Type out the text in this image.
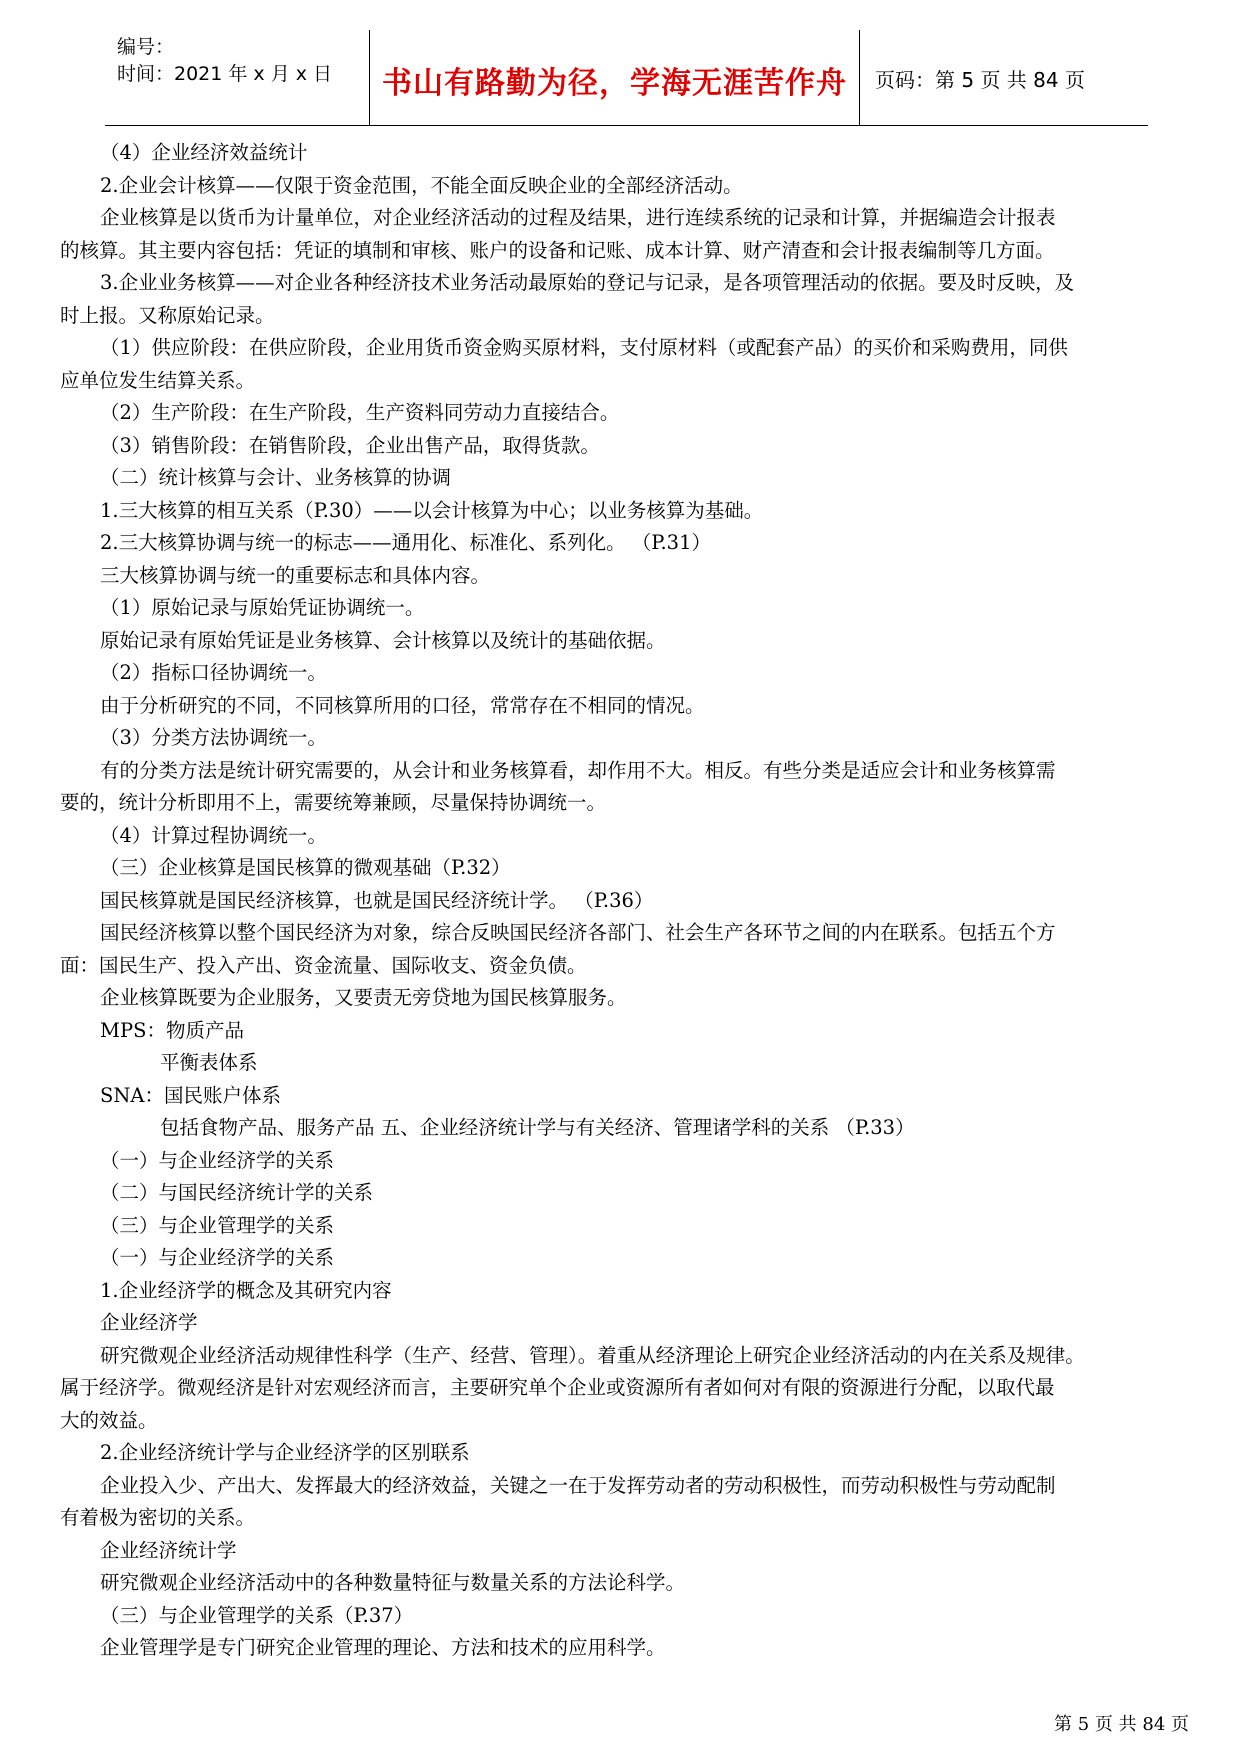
编号：
时间：2021 年 x 月 x 日	书山有路勤为径，学海无涯苦作舟	页码：第 5 页 共 84 页
（4）企业经济效益统计
2.企业会计核算——仅限于资金范围，不能全面反映企业的全部经济活动。
企业核算是以货币为计量单位，对企业经济活动的过程及结果，进行连续系统的记录和计算，并据编造会计报表
的核算。其主要内容包括：凭证的填制和审核、账户的设备和记账、成本计算、财产清查和会计报表编制等几方面。
3.企业业务核算——对企业各种经济技术业务活动最原始的登记与记录，是各项管理活动的依据。要及时反映，及
时上报。又称原始记录。
（1）供应阶段：在供应阶段，企业用货币资金购买原材料，支付原材料（或配套产品）的买价和采购费用，同供
应单位发生结算关系。
（2）生产阶段：在生产阶段，生产资料同劳动力直接结合。
（3）销售阶段：在销售阶段，企业出售产品，取得货款。
（二）统计核算与会计、业务核算的协调
1.三大核算的相互关系（P.30）——以会计核算为中心；以业务核算为基础。
2.三大核算协调与统一的标志——通用化、标准化、系列化。 （P.31）
三大核算协调与统一的重要标志和具体内容。
（1）原始记录与原始凭证协调统一。
原始记录有原始凭证是业务核算、会计核算以及统计的基础依据。
（2）指标口径协调统一。
由于分析研究的不同，不同核算所用的口径，常常存在不相同的情况。
（3）分类方法协调统一。
有的分类方法是统计研究需要的，从会计和业务核算看，却作用不大。相反。有些分类是适应会计和业务核算需
要的，统计分析即用不上，需要统筹兼顾，尽量保持协调统一。
（4）计算过程协调统一。
（三）企业核算是国民核算的微观基础（P.32）
国民核算就是国民经济核算，也就是国民经济统计学。 （P.36）
国民经济核算以整个国民经济为对象，综合反映国民经济各部门、社会生产各环节之间的内在联系。包括五个方
面：国民生产、投入产出、资金流量、国际收支、资金负债。
企业核算既要为企业服务，又要责无旁贷地为国民核算服务。
MPS：物质产品
平衡表体系
SNA：国民账户体系
包括食物产品、服务产品 五、企业经济统计学与有关经济、管理诸学科的关系 （P.33）
（一）与企业经济学的关系
（二）与国民经济统计学的关系
（三）与企业管理学的关系
（一）与企业经济学的关系
1.企业经济学的概念及其研究内容
企业经济学
研究微观企业经济活动规律性科学（生产、经营、管理）。着重从经济理论上研究企业经济活动的内在关系及规律。
属于经济学。微观经济是针对宏观经济而言，主要研究单个企业或资源所有者如何对有限的资源进行分配，以取代最
大的效益。
2.企业经济统计学与企业经济学的区别联系
企业投入少、产出大、发挥最大的经济效益，关键之一在于发挥劳动者的劳动积极性，而劳动积极性与劳动配制
有着极为密切的关系。
企业经济统计学
研究微观企业经济活动中的各种数量特征与数量关系的方法论科学。
（三）与企业管理学的关系（P.37）
企业管理学是专门研究企业管理的理论、方法和技术的应用科学。
第 5 页 共 84 页
